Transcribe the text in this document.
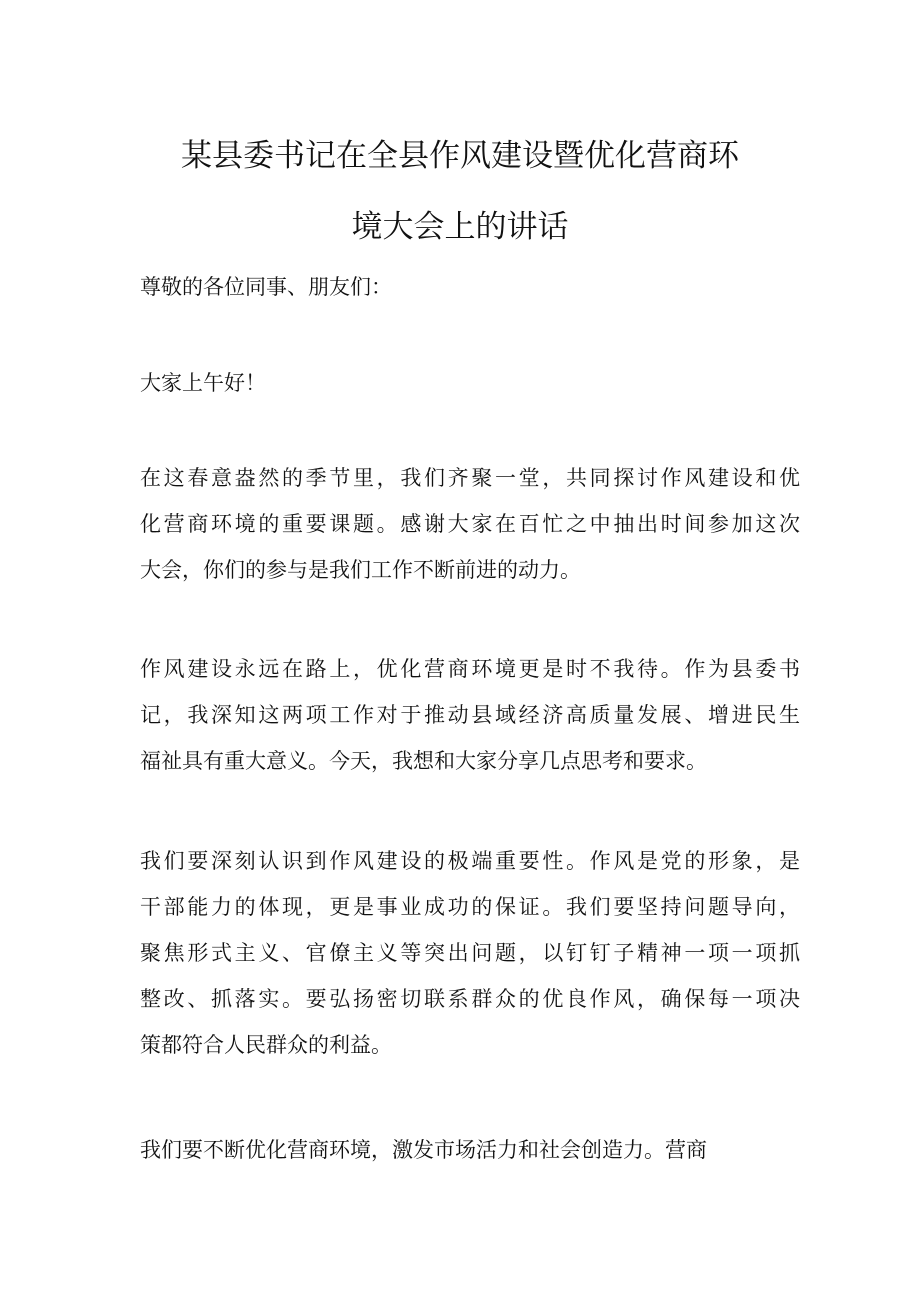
某县委书记在全县作风建设暨优化营商环
境大会上的讲话
尊敬的各位同事、朋友们：
大家上午好！
在这春意盎然的季节里，我们齐聚一堂，共同探讨作风建设和优
化营商环境的重要课题。感谢大家在百忙之中抽出时间参加这次
大会，你们的参与是我们工作不断前进的动力。
作风建设永远在路上，优化营商环境更是时不我待。作为县委书
记，我深知这两项工作对于推动县域经济高质量发展、增进民生
福祉具有重大意义。今天，我想和大家分享几点思考和要求。
我们要深刻认识到作风建设的极端重要性。作风是党的形象，是
干部能力的体现，更是事业成功的保证。我们要坚持问题导向，
聚焦形式主义、官僚主义等突出问题，以钉钉子精神一项一项抓
整改、抓落实。要弘扬密切联系群众的优良作风，确保每一项决
策都符合人民群众的利益。
我们要不断优化营商环境，激发市场活力和社会创造力。营商
